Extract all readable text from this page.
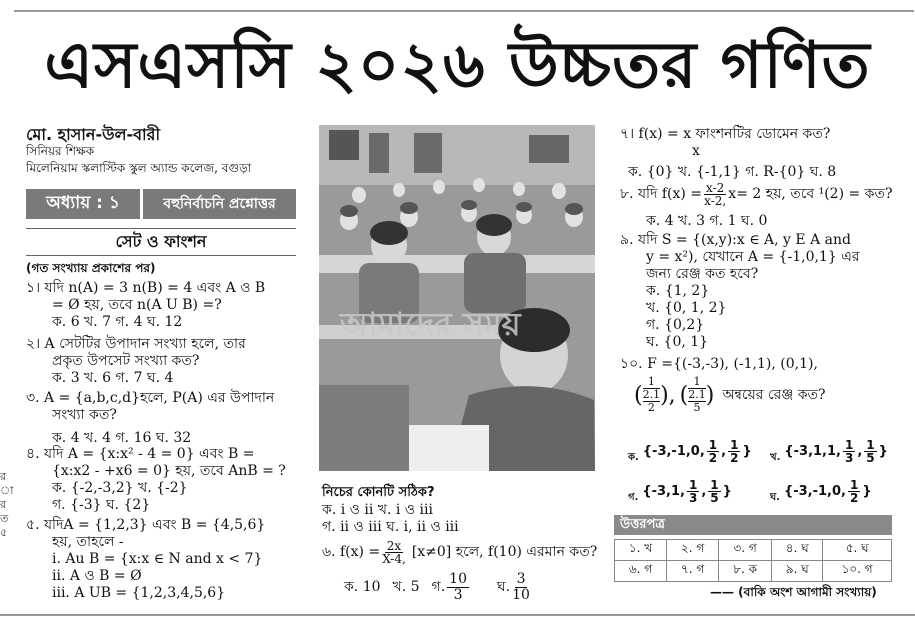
এসএসসি ২০২৬ উচ্চতর গণিত
র
া
র
ত
৫
মো. হাসান-উল-বারী
সিনিয়র শিক্ষক
মিলেনিয়াম স্কলাস্টিক স্কুল অ্যান্ড কলেজ, বগুড়া
অধ্যায় : ১	বহুনির্বাচনি প্রশ্নোত্তর
সেট ও ফাংশন
(গত সংখ্যায় প্রকাশের পর)
১। যদি n(A) = 3 n(B) = 4 এবং A ও B
= Ø হয়, তবে n(A U B) =?
ক. 6 খ. 7 গ. 4 ঘ. 12
২। A সেটটির উপাদান সংখ্যা হলে, তার
প্রকৃত উপসেট সংখ্যা কত?
ক. 3 খ. 6 গ. 7 ঘ. 4
৩. A = {a,b,c,d}হলে, P(A) এর উপাদান
সংখ্যা কত?
ক. 4 খ. 4 গ. 16 ঘ. 32
৪. যদি A = {x:x² - 4 = 0} এবং B =
{x:x2 - +x6 = 0} হয়, তবে AnB = ?
ক. {-2,-3,2} খ. {-2}
গ. {-3} ঘ. {2}
৫. যদিA = {1,2,3} এবং B = {4,5,6}
হয়, তাহলে -
i. Au B = {x:x ∈ N and x < 7}
ii. A ও B = Ø
iii. A UB = {1,2,3,4,5,6}
আমাদের সময়
নিচের কোনটি সঠিক?
ক. i ও ii খ. i ও iii
গ. ii ও iii ঘ. i, ii ও iii
৬. $f(x) = \frac{2x}{X-4,} [x\ne 0]$ হলে, f(10) এরমান কত?
ক. 10 খ. 5 গ. $\frac{10}{3}$ ঘ. $\frac{3}{10}$
৭। f(x) = x ফাংশনটির ডোমেন কত?
x
ক. {0} খ. {-1,1} গ. R-{0} ঘ. 8
৮. যদি $f(x) = \frac{x-2}{x-2,} x= 2$ হয়, তবে ¹(2) = কত?
ক. 4 খ. 3 গ. 1 ঘ. 0
৯. যদি S = {(x,y):x ∈ A, y E A and
y = x²), যেখানে A = {-1,0,1} এর
জন্য রেঞ্জ কত হবে?
ক. {1, 2}
খ. {0, 1, 2}
গ. {0,2}
ঘ. {0, 1}
১০. F ={(-3,-3), (-1,1), (0,1),
(
1
2.1
2 ), (
1
2.1
5 ) অন্বয়ের রেঞ্জ কত?
ক. {-3,-1,0, $\frac{1}{2}$ , $\frac{1}{2}$ } খ. {-3,1,1, $\frac{1}{3}$ , $\frac{1}{5}$ }
গ. {-3,1, $\frac{1}{3}$ , $\frac{1}{5}$ }	ঘ. {-3,-1,0, $\frac{1}{2}$ }
উত্তরপত্র
১. খ	২. গ	৩. গ	৪. ঘ	৫. ঘ
৬. গ	৭. গ	৮. ক	৯. ঘ	১০. গ
—— (বাকি অংশ আগামী সংখ্যায়)
